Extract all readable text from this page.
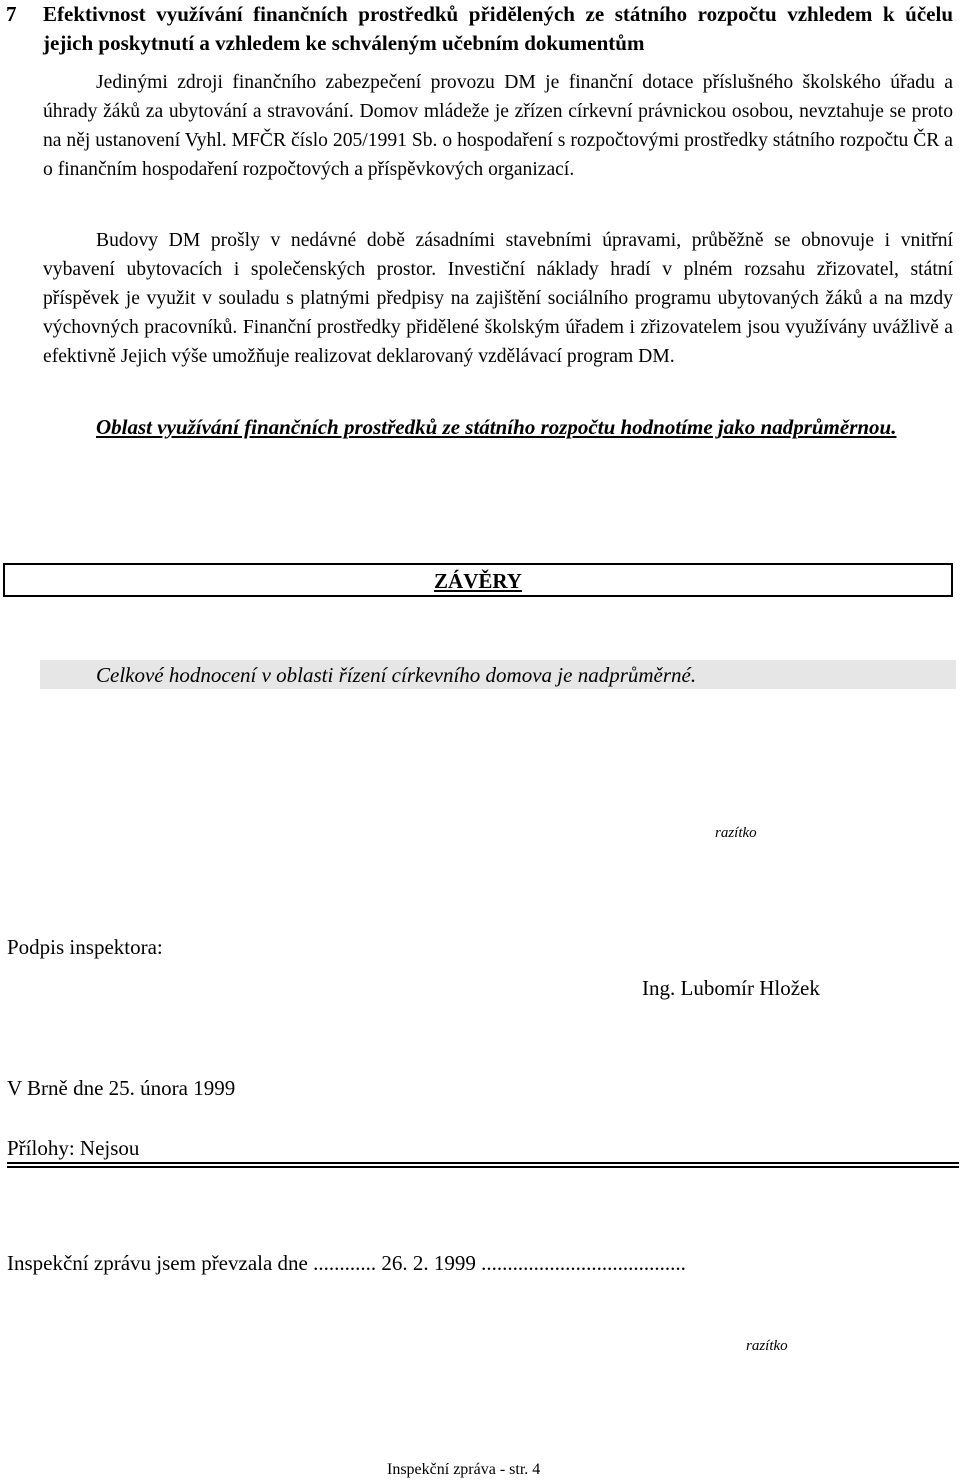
7 Efektivnost využívání finančních prostředků přidělených ze státního rozpočtu vzhledem k účelu jejich poskytnutí a vzhledem ke schváleným učebním dokumentům
Jedinými zdroji finančního zabezpečení provozu DM je finanční dotace příslušného školského úřadu a úhrady žáků za ubytování a stravování. Domov mládeže je zřízen církevní právnickou osobou, nevztahuje se proto na něj ustanovení Vyhl. MFČR číslo 205/1991 Sb. o hospodaření s rozpočtovými prostředky státního rozpočtu ČR a o finančním hospodaření rozpočtových a příspěvkových organizací.
Budovy DM prošly v nedávné době zásadními stavebními úpravami, průběžně se obnovuje i vnitřní vybavení ubytovacích i společenských prostor. Investiční náklady hradí v plném rozsahu zřizovatel, státní příspěvek je využit v souladu s platnými předpisy na zajištění sociálního programu ubytovaných žáků a na mzdy výchovných pracovníků. Finanční prostředky přidělené školským úřadem i zřizovatelem jsou využívány uvážlivě a efektivně Jejich výše umožňuje realizovat deklarovaný vzdělávací program DM.
Oblast využívání finančních prostředků ze státního rozpočtu hodnotíme jako nadprůměrnou.
ZÁVĚRY
Celkové hodnocení v oblasti řízení církevního domova je nadprůměrné.
razítko
Podpis inspektora:
Ing. Lubomír Hložek
V Brně dne 25. února 1999
Přílohy: Nejsou
Inspekční zprávu jsem převzala dne ............ 26. 2. 1999 .......................................
razítko
Inspekční zpráva - str. 4
